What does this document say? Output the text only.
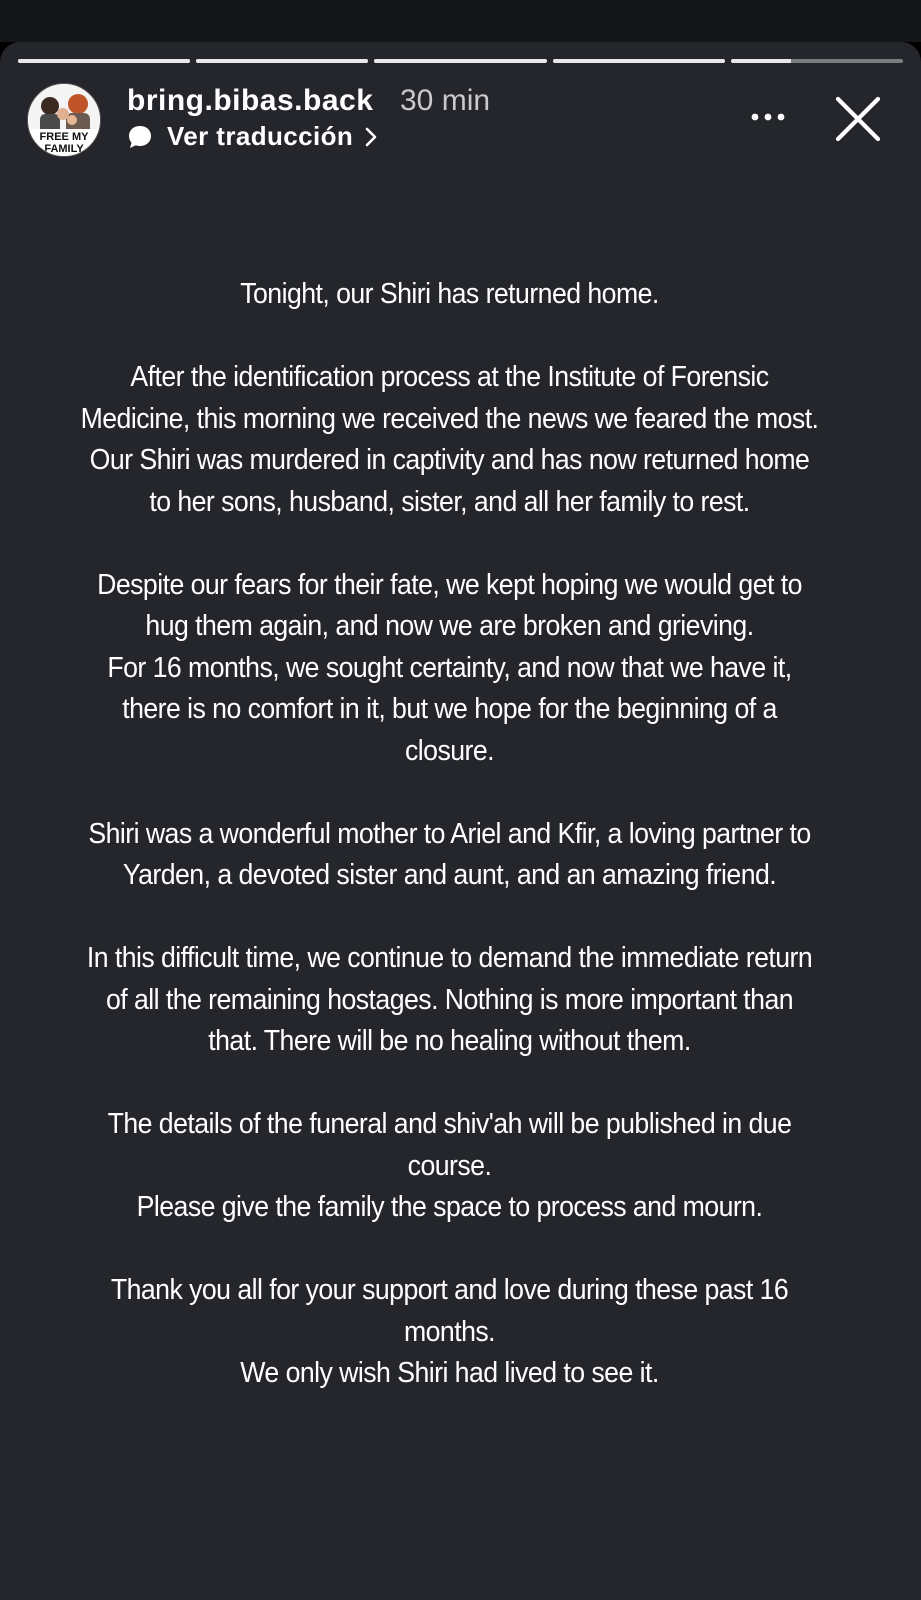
FREE MY
FAMILY
bring.bibas.back 30 min
Ver traducción

Tonight, our Shiri has returned home.

After the identification process at the Institute of Forensic
Medicine, this morning we received the news we feared the most.
Our Shiri was murdered in captivity and has now returned home
to her sons, husband, sister, and all her family to rest.

Despite our fears for their fate, we kept hoping we would get to
hug them again, and now we are broken and grieving.
For 16 months, we sought certainty, and now that we have it,
there is no comfort in it, but we hope for the beginning of a
closure.

Shiri was a wonderful mother to Ariel and Kfir, a loving partner to
Yarden, a devoted sister and aunt, and an amazing friend.

In this difficult time, we continue to demand the immediate return
of all the remaining hostages. Nothing is more important than
that. There will be no healing without them.

The details of the funeral and shiv'ah will be published in due
course.
Please give the family the space to process and mourn.

Thank you all for your support and love during these past 16
months.
We only wish Shiri had lived to see it.
